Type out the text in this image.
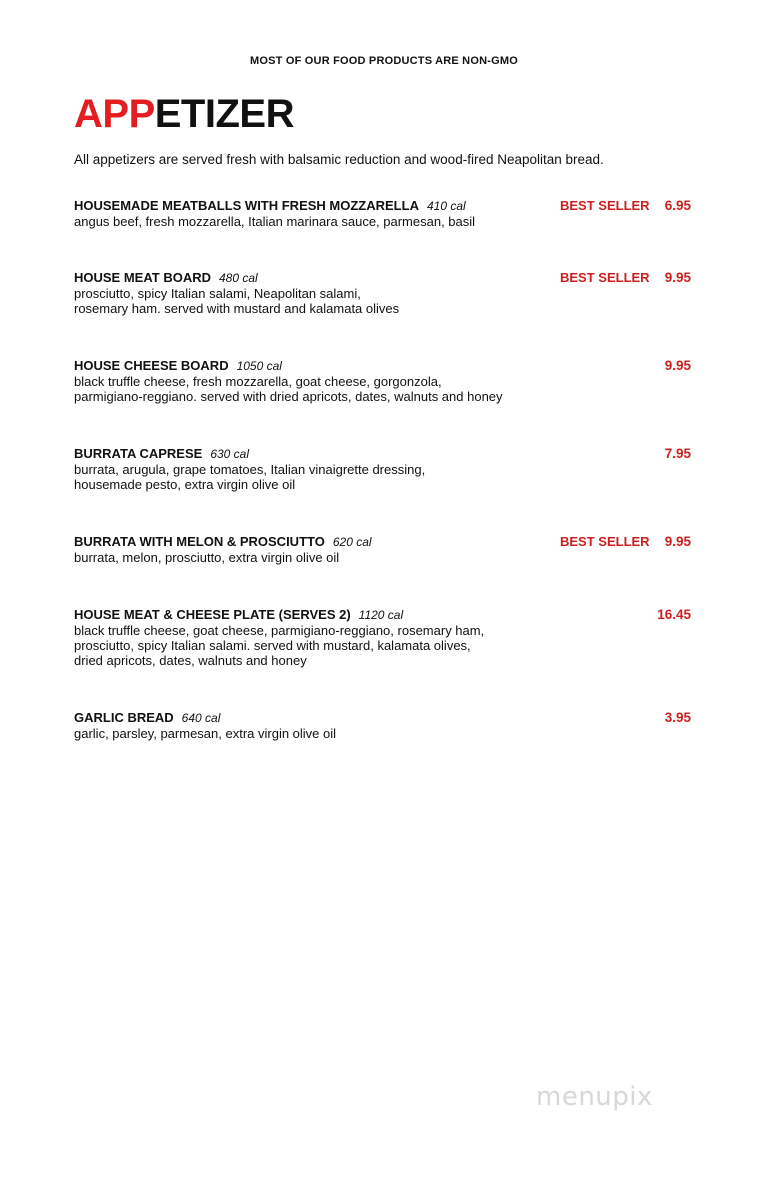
MOST OF OUR FOOD PRODUCTS ARE NON-GMO
APPETIZER
All appetizers are served fresh with balsamic reduction and wood-fired Neapolitan bread.
HOUSEMADE MEATBALLS WITH FRESH MOZZARELLA 410 cal
angus beef, fresh mozzarella, Italian marinara sauce, parmesan, basil
BEST SELLER 6.95
HOUSE MEAT BOARD 480 cal
prosciutto, spicy Italian salami, Neapolitan salami,
rosemary ham. served with mustard and kalamata olives
BEST SELLER 9.95
HOUSE CHEESE BOARD 1050 cal
black truffle cheese, fresh mozzarella, goat cheese, gorgonzola,
parmigiano-reggiano. served with dried apricots, dates, walnuts and honey
9.95
BURRATA CAPRESE 630 cal
burrata, arugula, grape tomatoes, Italian vinaigrette dressing,
housemade pesto, extra virgin olive oil
7.95
BURRATA WITH MELON & PROSCIUTTO 620 cal
burrata, melon, prosciutto, extra virgin olive oil
BEST SELLER 9.95
HOUSE MEAT & CHEESE PLATE (SERVES 2) 1120 cal
black truffle cheese, goat cheese, parmigiano-reggiano, rosemary ham,
prosciutto, spicy Italian salami. served with mustard, kalamata olives,
dried apricots, dates, walnuts and honey
16.45
GARLIC BREAD 640 cal
garlic, parsley, parmesan, extra virgin olive oil
3.95
menupix
